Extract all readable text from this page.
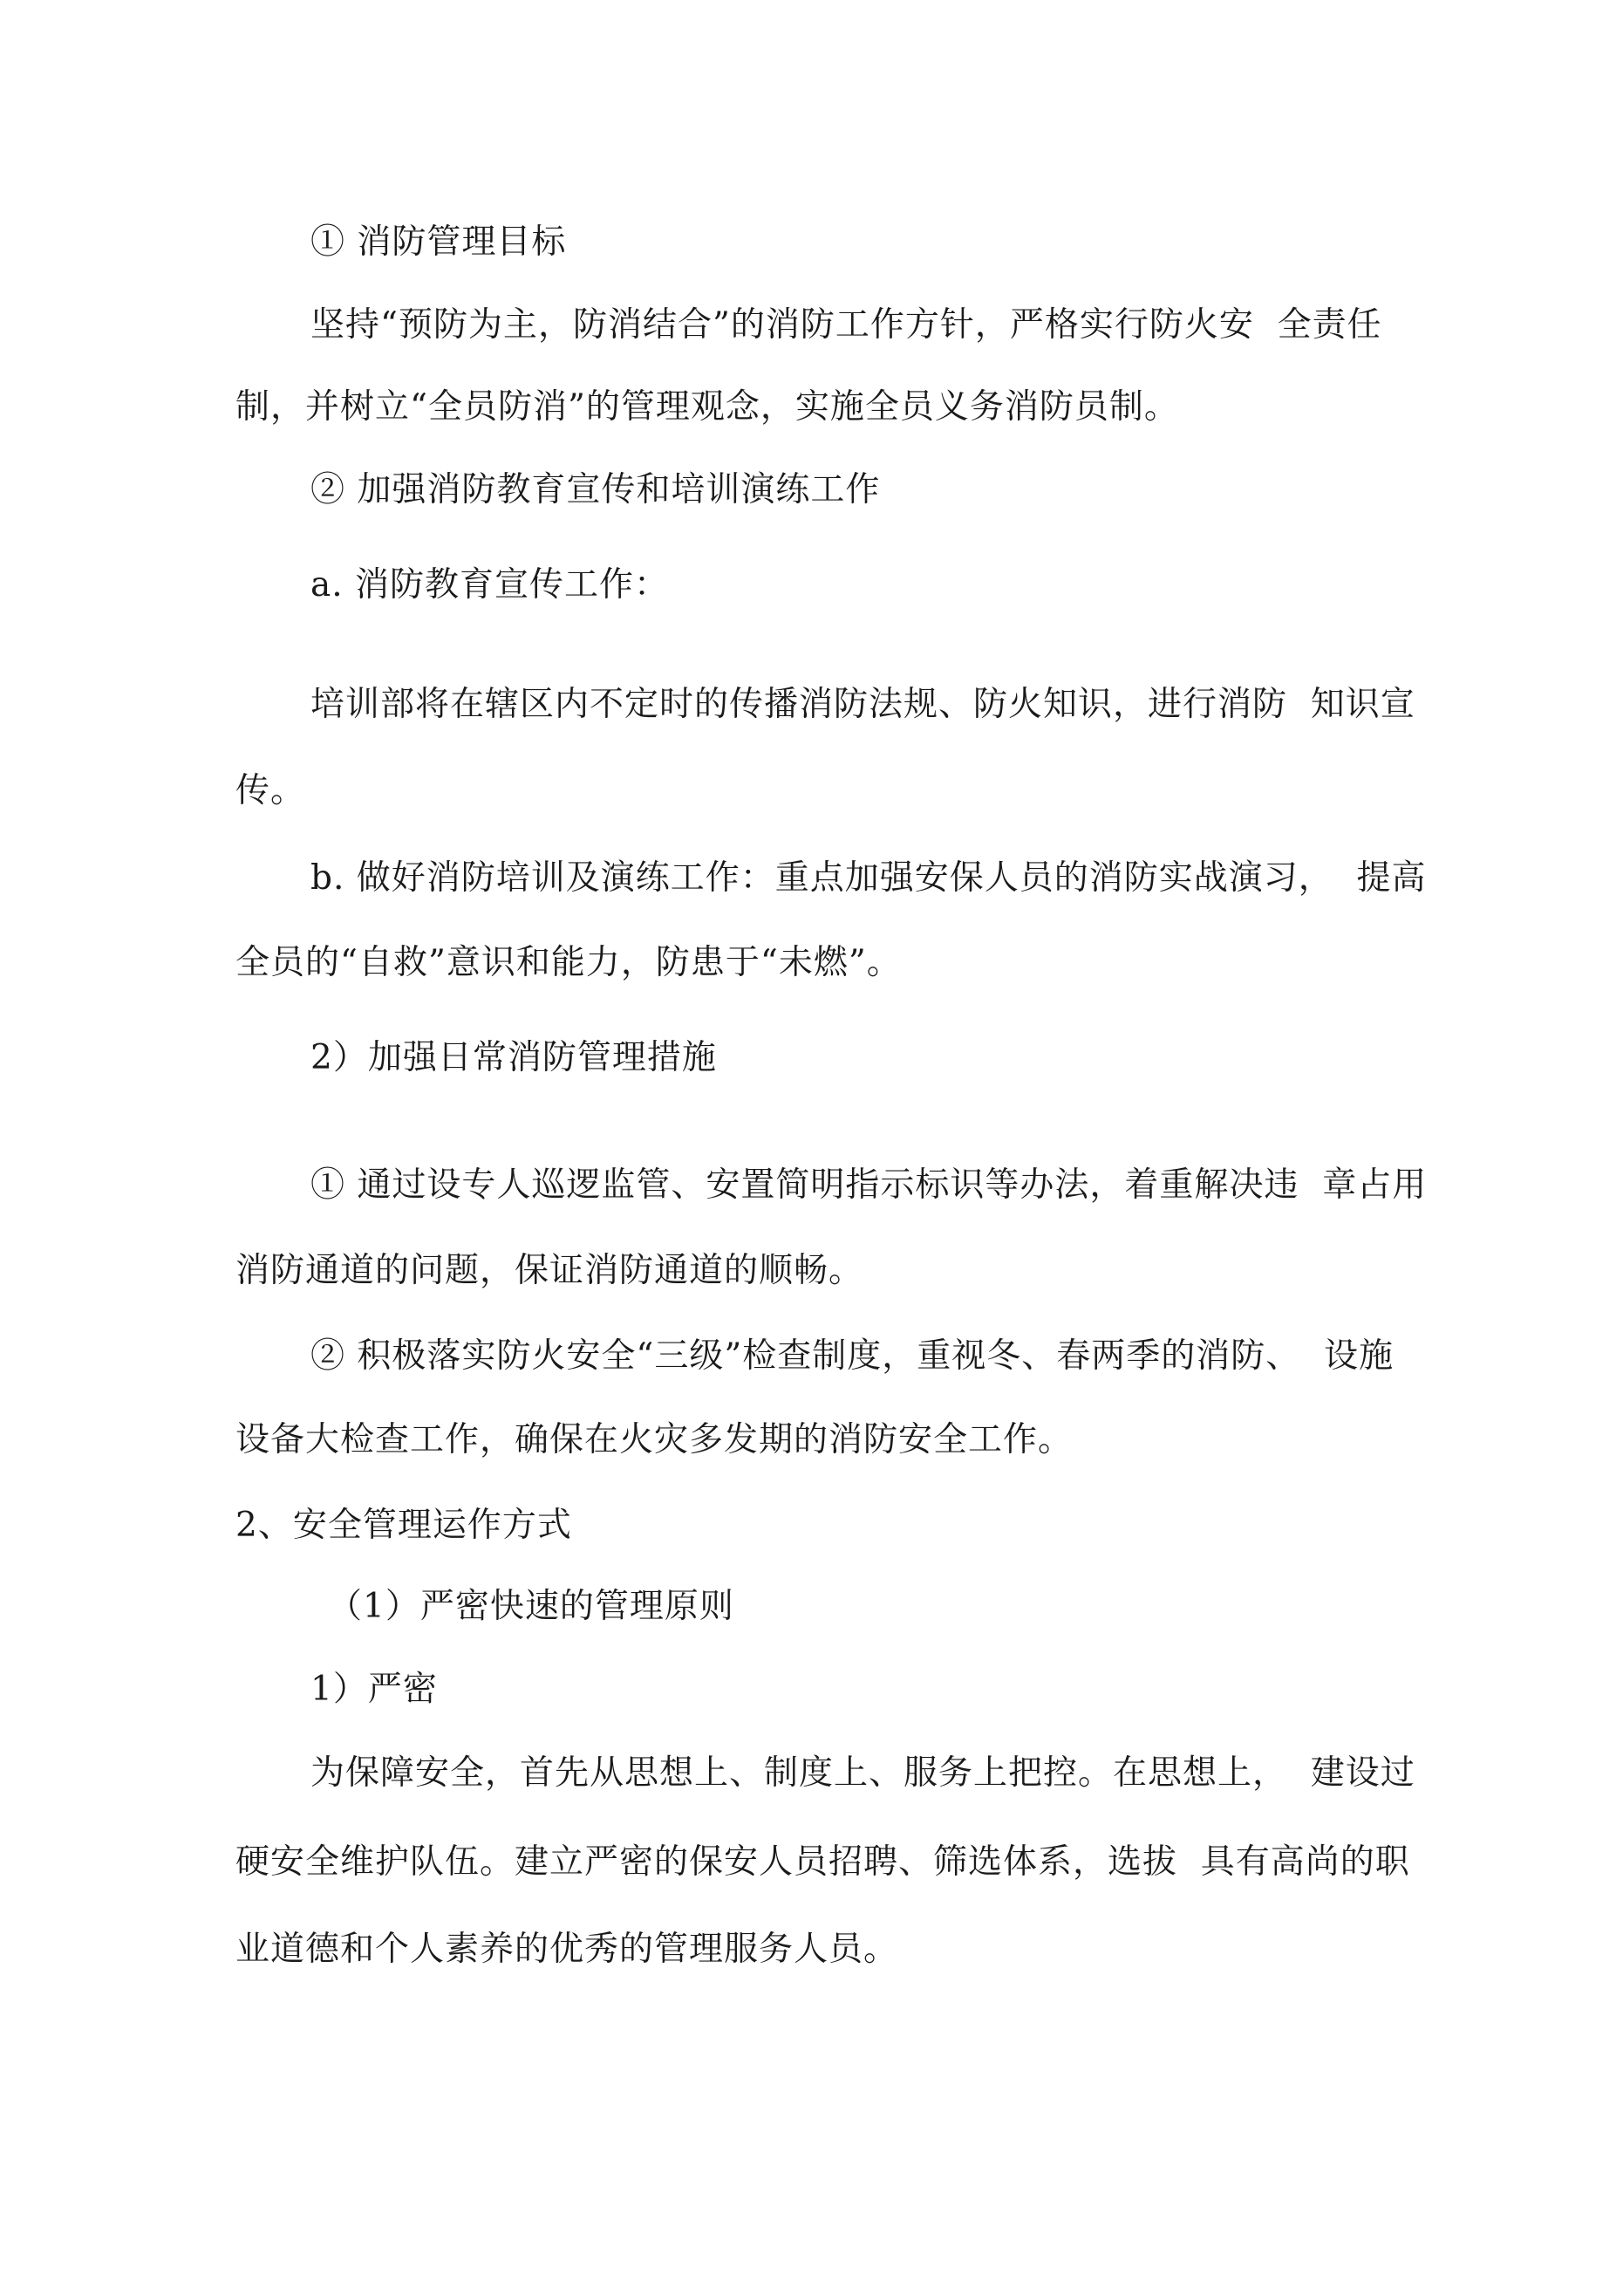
① 消防管理目标
坚持“预防为主，防消结合”的消防工作方针，严格实行防火安  全责任
制，并树立“全员防消”的管理观念，实施全员义务消防员制。
② 加强消防教育宣传和培训演练工作
a. 消防教育宣传工作：
培训部将在辖区内不定时的传播消防法规、防火知识，进行消防  知识宣
传。
b. 做好消防培训及演练工作：重点加强安保人员的消防实战演习，  提高
全员的“自救”意识和能力，防患于“未燃”。
2）加强日常消防管理措施
① 通过设专人巡逻监管、安置简明指示标识等办法，着重解决违  章占用
消防通道的问题，保证消防通道的顺畅。
② 积极落实防火安全“三级”检查制度，重视冬、春两季的消防、  设施
设备大检查工作，确保在火灾多发期的消防安全工作。
2、安全管理运作方式
（1）严密快速的管理原则
1）严密
为保障安全，首先从思想上、制度上、服务上把控。在思想上，  建设过
硬安全维护队伍。建立严密的保安人员招聘、筛选体系，选拔  具有高尚的职
业道德和个人素养的优秀的管理服务人员。
